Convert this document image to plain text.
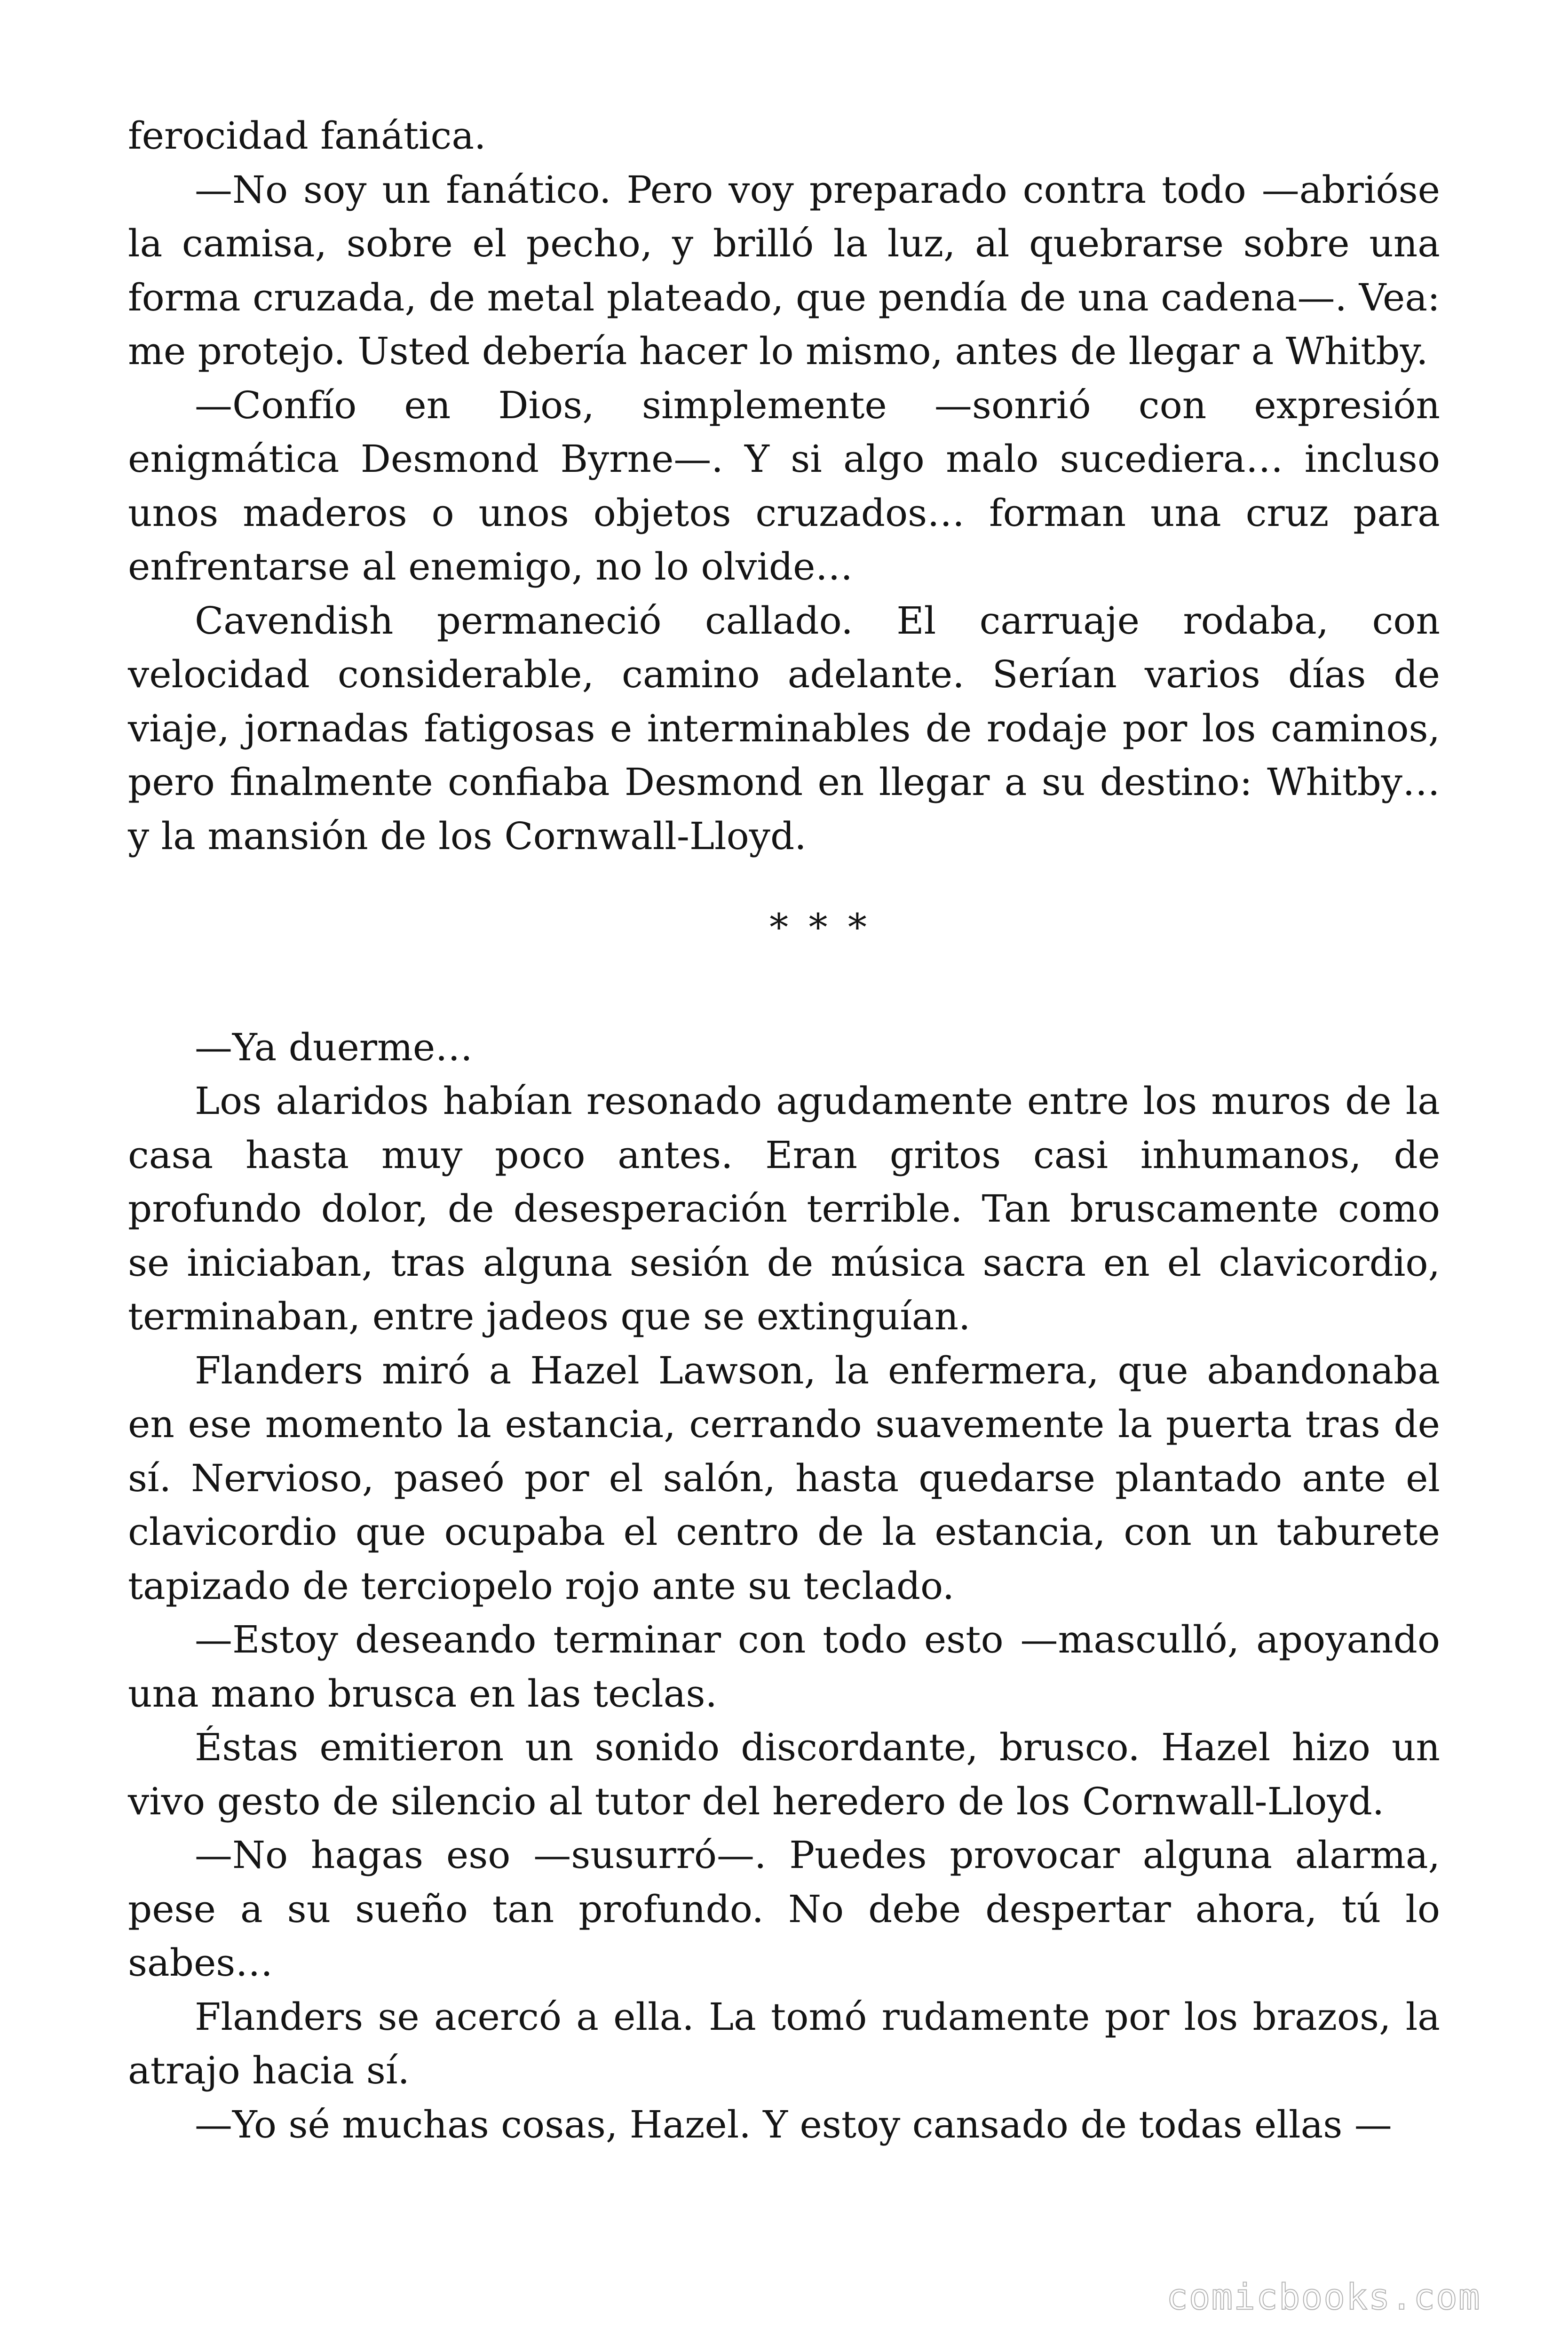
ferocidad fanática.

—No soy un fanático. Pero voy preparado contra todo —abrióse la camisa, sobre el pecho, y brilló la luz, al quebrarse sobre una forma cruzada, de metal plateado, que pendía de una cadena—. Vea: me protejo. Usted debería hacer lo mismo, antes de llegar a Whitby.

—Confío en Dios, simplemente —sonrió con expresión enigmática Desmond Byrne—. Y si algo malo sucediera… incluso unos maderos o unos objetos cruzados… forman una cruz para enfrentarse al enemigo, no lo olvide…

Cavendish permaneció callado. El carruaje rodaba, con velocidad considerable, camino adelante. Serían varios días de viaje, jornadas fatigosas e interminables de rodaje por los caminos, pero finalmente confiaba Desmond en llegar a su destino: Whitby… y la mansión de los Cornwall-Lloyd.

* * *

—Ya duerme…

Los alaridos habían resonado agudamente entre los muros de la casa hasta muy poco antes. Eran gritos casi inhumanos, de profundo dolor, de desesperación terrible. Tan bruscamente como se iniciaban, tras alguna sesión de música sacra en el clavicordio, terminaban, entre jadeos que se extinguían.

Flanders miró a Hazel Lawson, la enfermera, que abandonaba en ese momento la estancia, cerrando suavemente la puerta tras de sí. Nervioso, paseó por el salón, hasta quedarse plantado ante el clavicordio que ocupaba el centro de la estancia, con un taburete tapizado de terciopelo rojo ante su teclado.

—Estoy deseando terminar con todo esto —masculló, apoyando una mano brusca en las teclas.

Éstas emitieron un sonido discordante, brusco. Hazel hizo un vivo gesto de silencio al tutor del heredero de los Cornwall-Lloyd.

—No hagas eso —susurró—. Puedes provocar alguna alarma, pese a su sueño tan profundo. No debe despertar ahora, tú lo sabes…

Flanders se acercó a ella. La tomó rudamente por los brazos, la atrajo hacia sí.

—Yo sé muchas cosas, Hazel. Y estoy cansado de todas ellas —

comicbooks.com
